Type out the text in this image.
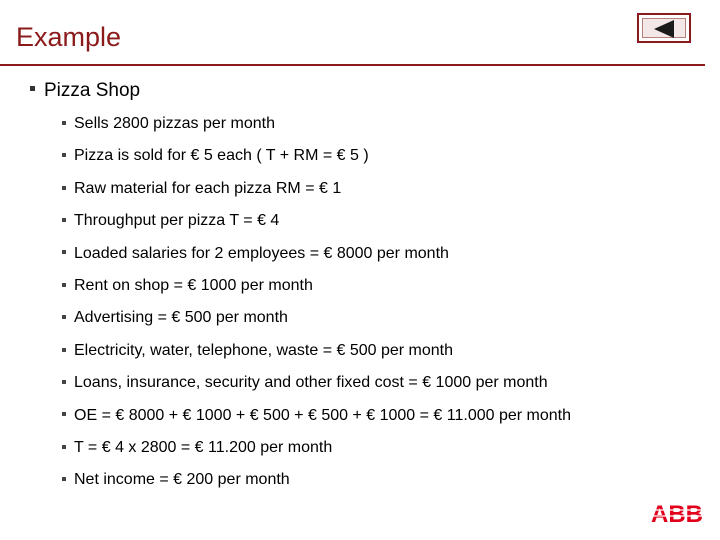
Example
Pizza Shop
Sells 2800 pizzas per month
Pizza is sold for € 5 each ( T + RM = € 5 )
Raw material for each pizza RM = € 1
Throughput per pizza T = € 4
Loaded salaries for 2 employees = € 8000 per month
Rent on shop = € 1000 per month
Advertising = € 500 per month
Electricity, water, telephone, waste = € 500 per month
Loans, insurance, security and other fixed cost = € 1000 per month
OE = € 8000 + € 1000 + € 500 + € 500 + € 1000 = € 11.000 per month
T = € 4 x 2800 = € 11.200 per month
Net income = € 200 per month
ABB
